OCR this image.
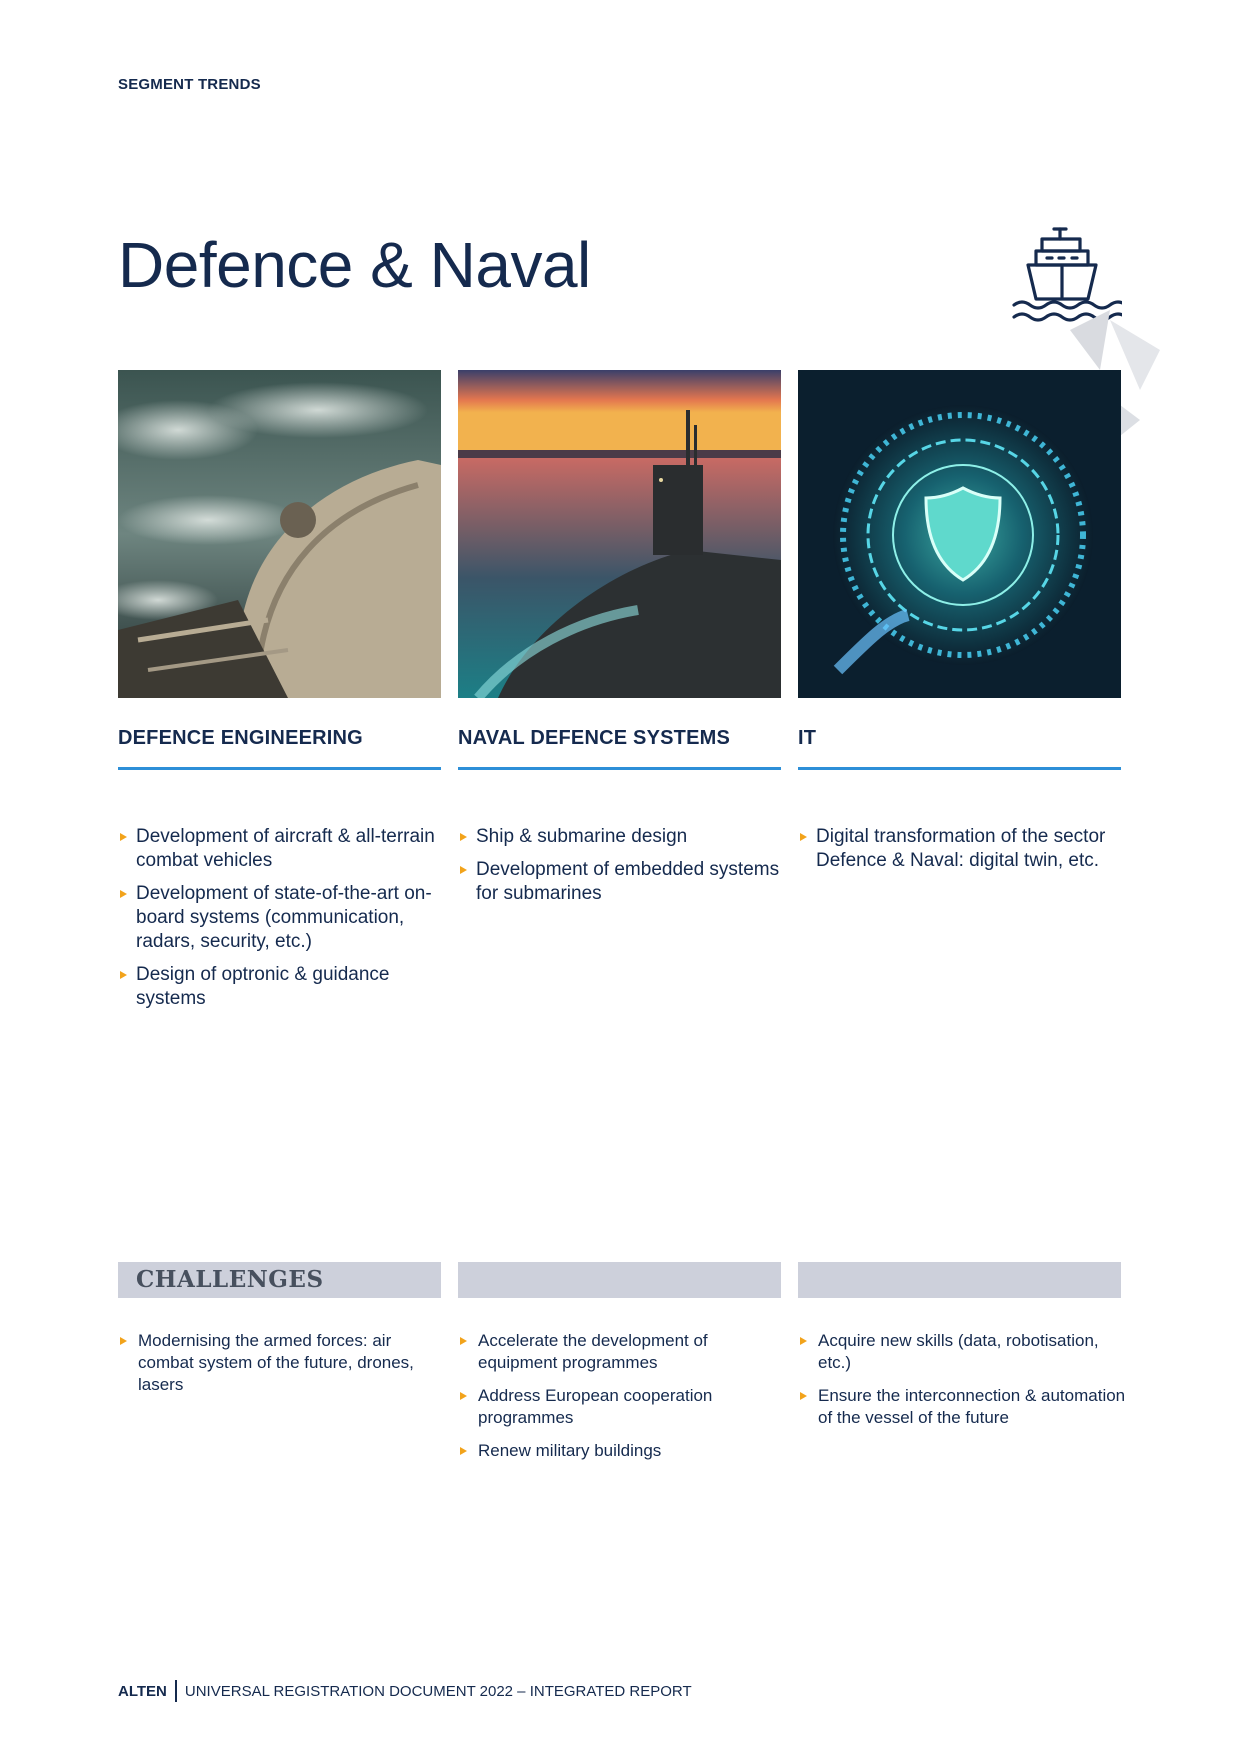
SEGMENT TRENDS
Defence & Naval
DEFENCE ENGINEERING	NAVAL DEFENCE SYSTEMS	IT
Development of aircraft & all-terrain combat vehicles
Development of state-of-the-art on-board systems (communication, radars, security, etc.)
Design of optronic & guidance systems
Ship & submarine design
Development of embedded systems for submarines
Digital transformation of the sector Defence & Naval: digital twin, etc.
CHALLENGES
Modernising the armed forces: air combat system of the future, drones, lasers
Accelerate the development of equipment programmes
Address European cooperation programmes
Renew military buildings
Acquire new skills (data, robotisation, etc.)
Ensure the interconnection & automation of the vessel of the future
ALTEN UNIVERSAL REGISTRATION DOCUMENT 2022 – INTEGRATED REPORT
